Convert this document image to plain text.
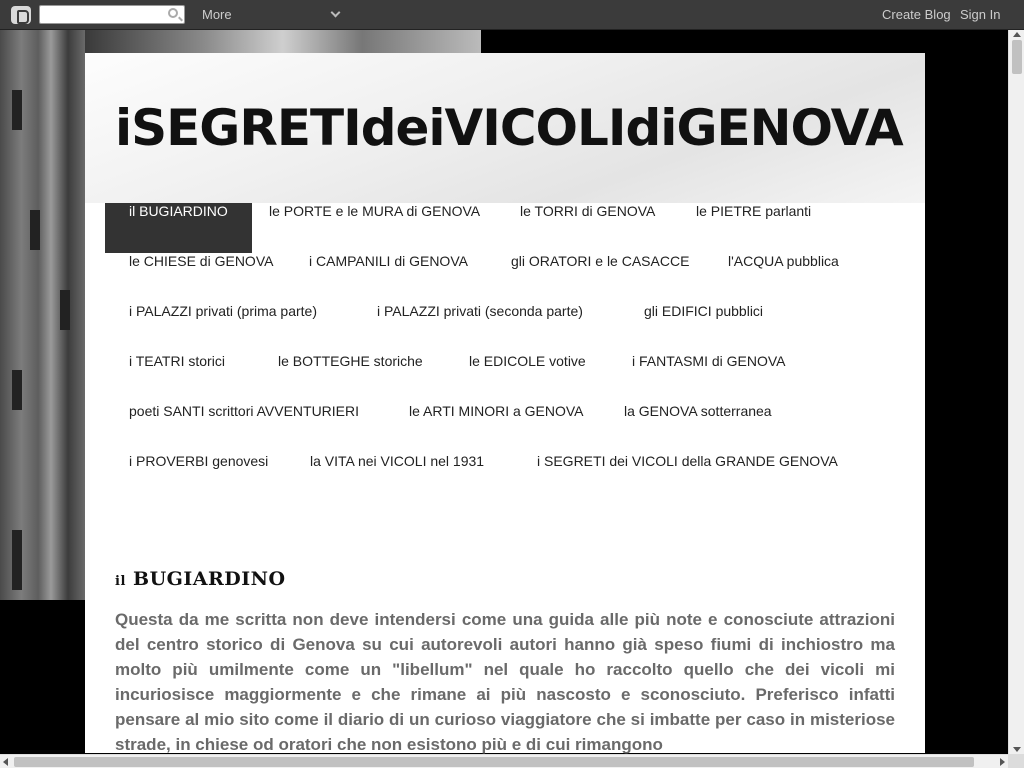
More	Create Blog Sign In
iSEGRETIdeiVICOLIdiGENOVA
il BUGIARDINO	le PORTE e le MURA di GENOVA	le TORRI di GENOVA	le PIETRE parlanti
le CHIESE di GENOVA	i CAMPANILI di GENOVA	gli ORATORI e le CASACCE	l'ACQUA pubblica
i PALAZZI privati (prima parte)	i PALAZZI privati (seconda parte)	gli EDIFICI pubblici
i TEATRI storici	le BOTTEGHE storiche	le EDICOLE votive	i FANTASMI di GENOVA
poeti SANTI scrittori AVVENTURIERI	le ARTI MINORI a GENOVA	la GENOVA sotterranea
i PROVERBI genovesi	la VITA nei VICOLI nel 1931	i SEGRETI dei VICOLI della GRANDE GENOVA
il BUGIARDINO

Questa da me scritta non deve intendersi come una guida alle più note e conosciute attrazioni del centro storico di Genova su cui autorevoli autori hanno già speso fiumi di inchiostro ma molto più umilmente come un "libellum" nel quale ho raccolto quello che dei vicoli mi incuriosisce maggiormente e che rimane ai più nascosto e sconosciuto. Preferisco infatti pensare al mio sito come il diario di un curioso viaggiatore che si imbatte per caso in misteriose strade, in chiese od oratori che non esistono più e di cui rimangono
